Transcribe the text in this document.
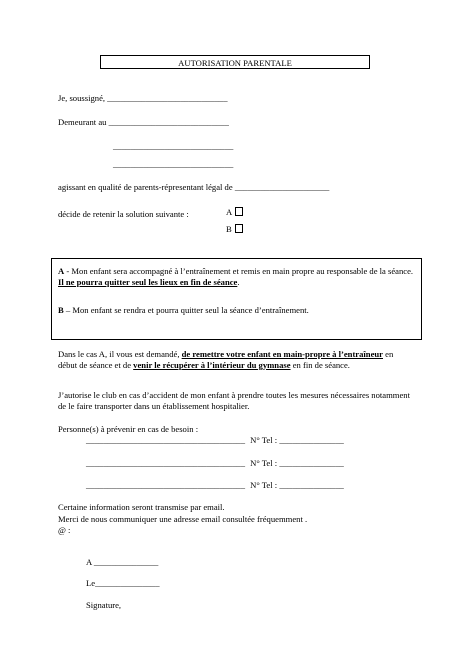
AUTORISATION PARENTALE
Je, soussigné, ____________________________
Demeurant au ____________________________
____________________________
____________________________
agissant en qualité de parents-répresentant légal de ______________________
décide de retenir la solution suivante :	A
B

A - Mon enfant sera accompagné à l’entraînement et remis en main propre au responsable de la séance. Il ne pourra quitter seul les lieux en fin de séance.

B – Mon enfant se rendra et pourra quitter seul la séance d’entraînement.

Dans le cas A, il vous est demandé, de remettre votre enfant en main-propre à l’entraîneur en début de séance et de venir le récupérer à l’intérieur du gymnase en fin de séance.

J’autorise le club en cas d’accident de mon enfant à prendre toutes les mesures nécessaires notamment de le faire transporter dans un établissement hospitalier.
Personne(s) à prévenir en cas de besoin :
_____________________________________ N° Tel : _______________
_____________________________________ N° Tel : _______________
_____________________________________ N° Tel : _______________
Certaine information seront transmise par email.
Merci de nous communiquer une adresse email consultée fréquemment .
@ :
A _______________
Le_______________
Signature,
